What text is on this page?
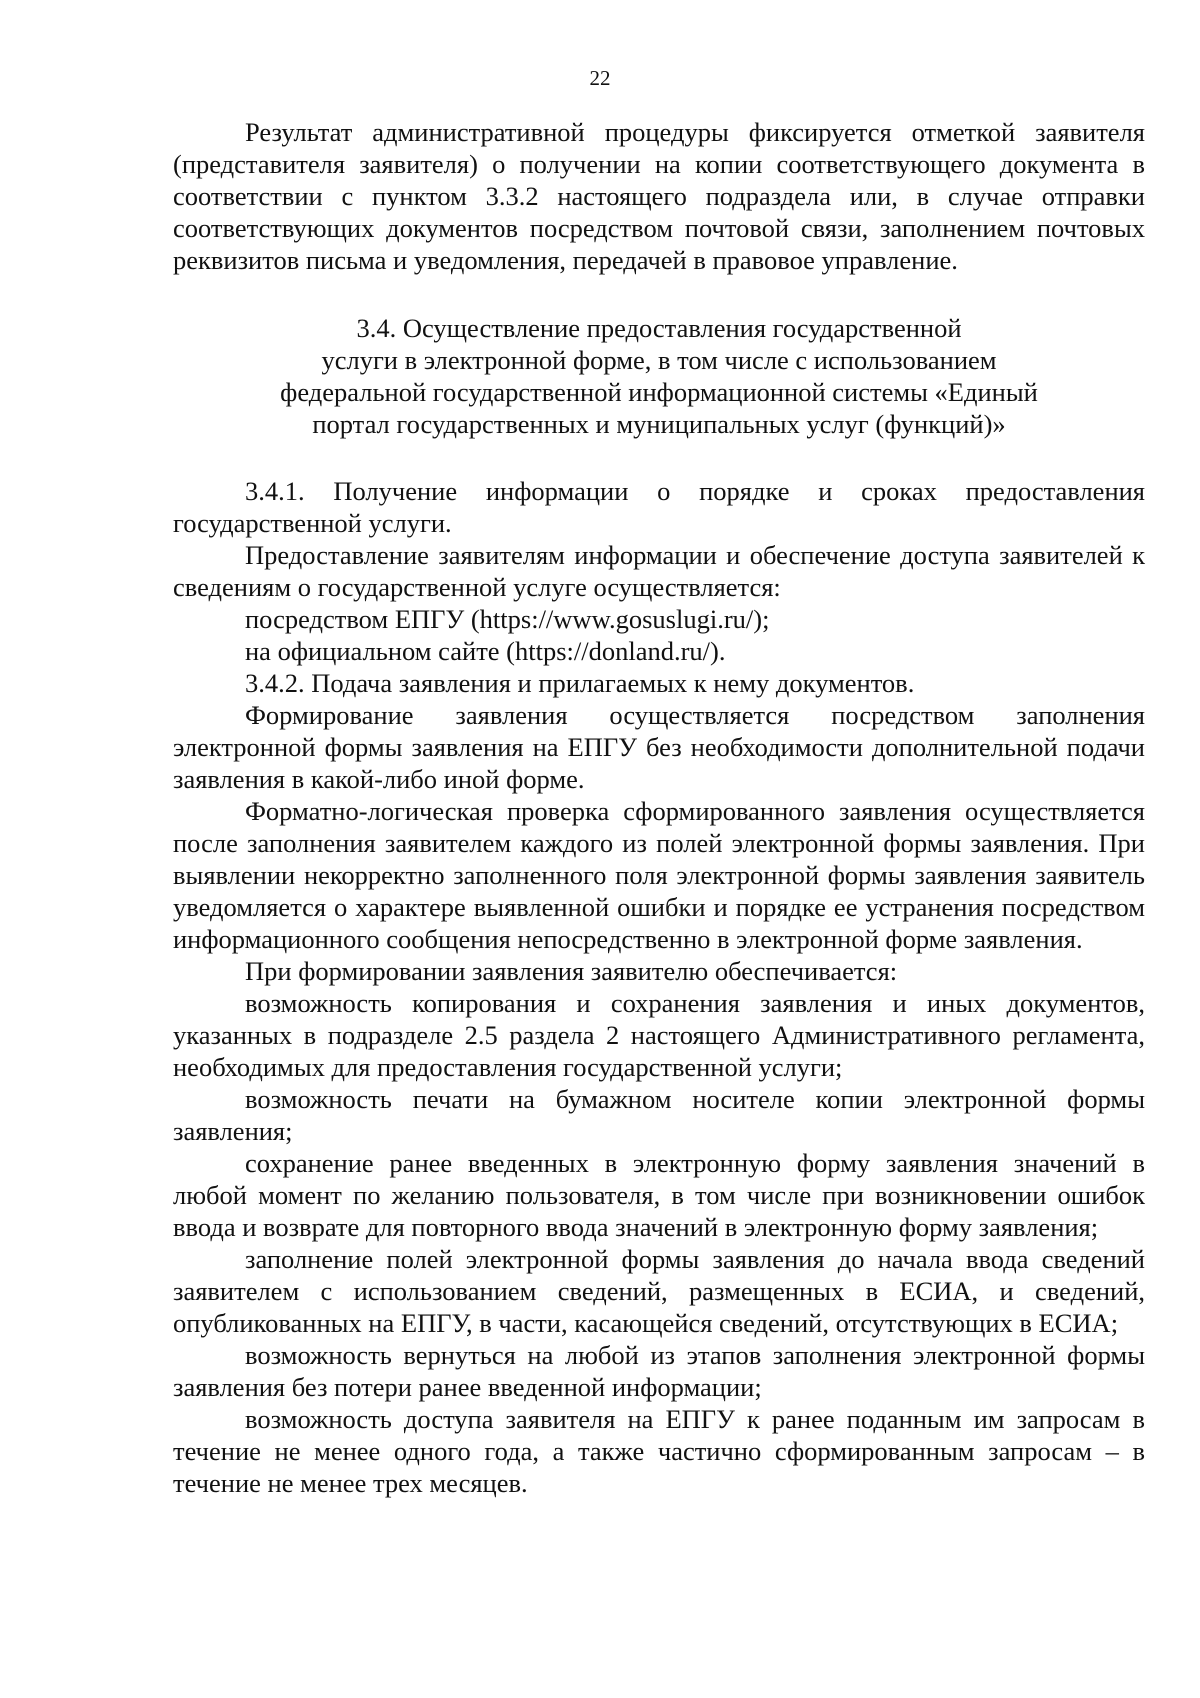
22

Результат административной процедуры фиксируется отметкой заявителя (представителя заявителя) о получении на копии соответствующего документа в соответствии с пунктом 3.3.2 настоящего подраздела или, в случае отправки соответствующих документов посредством почтовой связи, заполнением почтовых реквизитов письма и уведомления, передачей в правовое управление.

3.4. Осуществление предоставления государственной
услуги в электронной форме, в том числе с использованием
федеральной государственной информационной системы «Единый
портал государственных и муниципальных услуг (функций)»

3.4.1. Получение информации о порядке и сроках предоставления государственной услуги.

Предоставление заявителям информации и обеспечение доступа заявителей к сведениям о государственной услуге осуществляется:

посредством ЕПГУ (https://www.gosuslugi.ru/);

на официальном сайте (https://donland.ru/).

3.4.2. Подача заявления и прилагаемых к нему документов.

Формирование заявления осуществляется посредством заполнения электронной формы заявления на ЕПГУ без необходимости дополнительной подачи заявления в какой-либо иной форме.

Форматно-логическая проверка сформированного заявления осуществляется после заполнения заявителем каждого из полей электронной формы заявления. При выявлении некорректно заполненного поля электронной формы заявления заявитель уведомляется о характере выявленной ошибки и порядке ее устранения посредством информационного сообщения непосредственно в электронной форме заявления.

При формировании заявления заявителю обеспечивается:

возможность копирования и сохранения заявления и иных документов, указанных в подразделе 2.5 раздела 2 настоящего Административного регламента, необходимых для предоставления государственной услуги;

возможность печати на бумажном носителе копии электронной формы заявления;

сохранение ранее введенных в электронную форму заявления значений в любой момент по желанию пользователя, в том числе при возникновении ошибок ввода и возврате для повторного ввода значений в электронную форму заявления;

заполнение полей электронной формы заявления до начала ввода сведений заявителем с использованием сведений, размещенных в ЕСИА, и сведений, опубликованных на ЕПГУ, в части, касающейся сведений, отсутствующих в ЕСИА;

возможность вернуться на любой из этапов заполнения электронной формы заявления без потери ранее введенной информации;

возможность доступа заявителя на ЕПГУ к ранее поданным им запросам в течение не менее одного года, а также частично сформированным запросам – в течение не менее трех месяцев.
